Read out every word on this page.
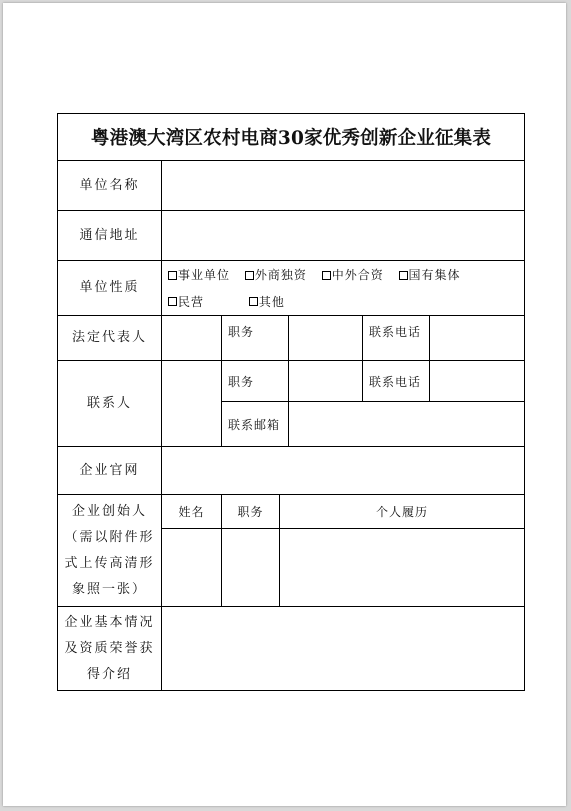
粤港澳大湾区农村电商30家优秀创新企业征集表
单位名称
通信地址
单位性质
事业单位
外商独资
中外合资
国有集体
民营
	其他
法定代表人	职务	联系电话
联系人
职务	联系电话
联系邮箱
企业官网
企业创始人
（需以附件形
式上传高清形
象照一张）
姓名	职务	个人履历
企业基本情况
及资质荣誉获
得介绍
